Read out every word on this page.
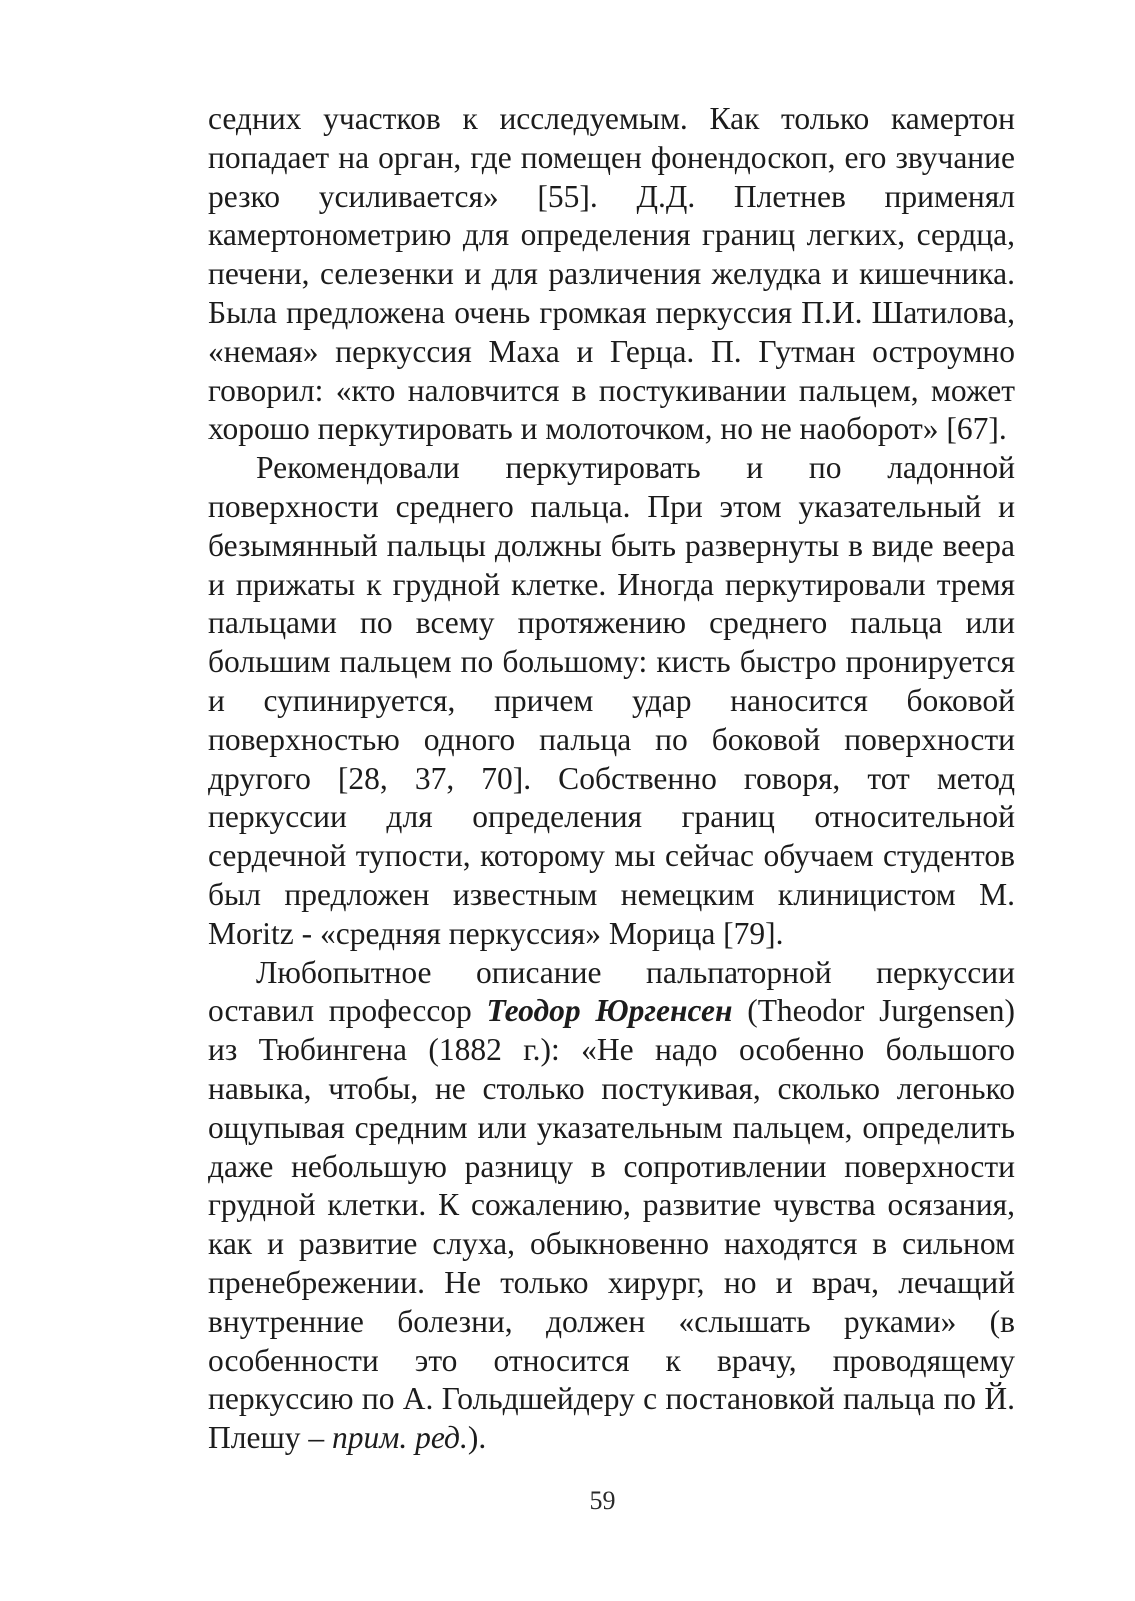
седних участков к исследуемым. Как только камертон попадает на орган, где помещен фонендоскоп, его звучание резко усиливается» [55]. Д.Д. Плетнев применял камертонометрию для определения границ легких, сердца, печени, селезенки и для различения желудка и кишечника. Была предложена очень громкая перкуссия П.И. Шатилова, «немая» перкуссия Маха и Герца. П. Гутман остроумно говорил: «кто наловчится в постукивании пальцем, может хорошо перкутировать и молоточком, но не наоборот» [67].

Рекомендовали перкутировать и по ладонной поверхности среднего пальца. При этом указательный и безымянный пальцы должны быть развернуты в виде веера и прижаты к грудной клетке. Иногда перкутировали тремя пальцами по всему протяжению среднего пальца или большим пальцем по большому: кисть быстро пронируется и супинируется, причем удар наносится боковой поверхностью одного пальца по боковой поверхности другого [28, 37, 70]. Собственно говоря, тот метод перкуссии для определения границ относительной сердечной тупости, которому мы сейчас обучаем студентов был предложен известным немецким клиницистом M. Moritz - «средняя перкуссия» Морица [79].

Любопытное описание пальпаторной перкуссии оставил профессор Теодор Юргенсен (Theodor Jurgensen) из Тюбингена (1882 г.): «Не надо особенно большого навыка, чтобы, не столько постукивая, сколько легонько ощупывая средним или указательным пальцем, определить даже небольшую разницу в сопротивлении поверхности грудной клетки. К сожалению, развитие чувства осязания, как и развитие слуха, обыкновенно находятся в сильном пренебрежении. Не только хирург, но и врач, лечащий внутренние болезни, должен «слышать руками» (в особенности это относится к врачу, проводящему перкуссию по А. Гольдшейдеру с постановкой пальца по Й. Плешу – прим. ред.).

59
